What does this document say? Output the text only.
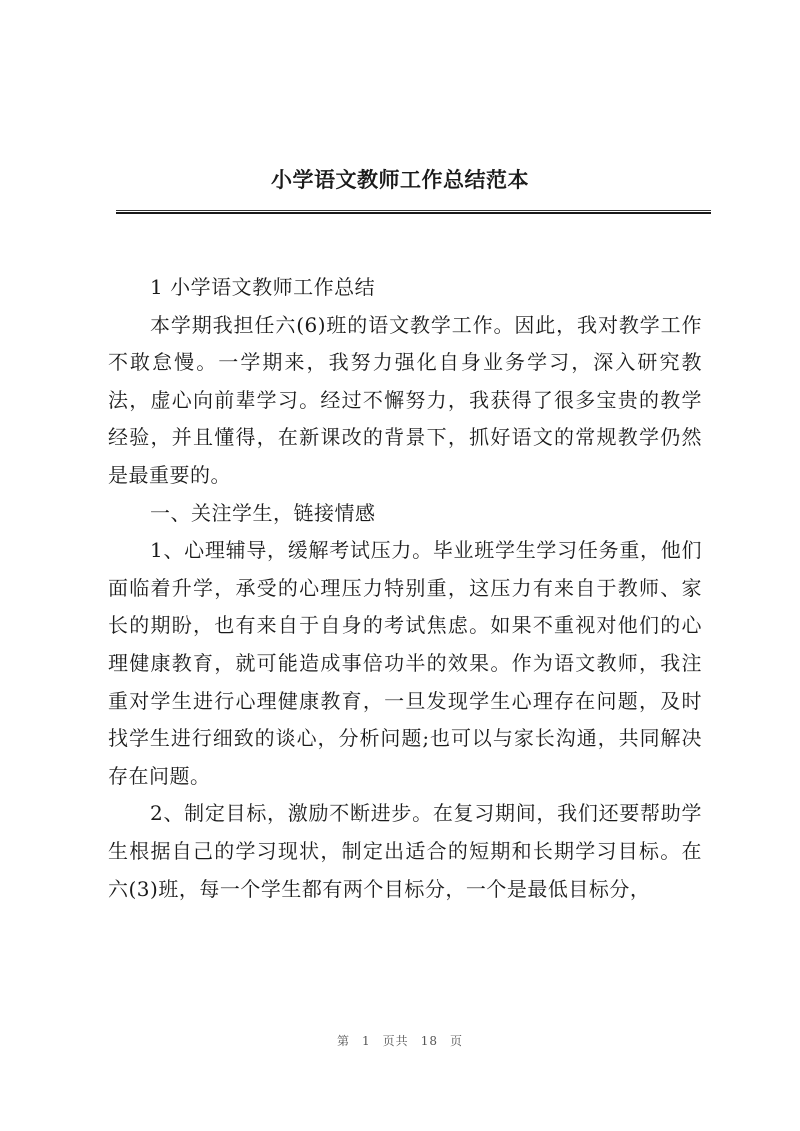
小学语文教师工作总结范本

1 小学语文教师工作总结

本学期我担任六(6)班的语文教学工作。因此，我对教学工作不敢怠慢。一学期来，我努力强化自身业务学习，深入研究教法，虚心向前辈学习。经过不懈努力，我获得了很多宝贵的教学经验，并且懂得，在新课改的背景下，抓好语文的常规教学仍然是最重要的。

一、关注学生，链接情感

1、心理辅导，缓解考试压力。毕业班学生学习任务重，他们面临着升学，承受的心理压力特别重，这压力有来自于教师、家长的期盼，也有来自于自身的考试焦虑。如果不重视对他们的心理健康教育，就可能造成事倍功半的效果。作为语文教师，我注重对学生进行心理健康教育，一旦发现学生心理存在问题，及时找学生进行细致的谈心，分析问题;也可以与家长沟通，共同解决存在问题。

2、制定目标，激励不断进步。在复习期间，我们还要帮助学生根据自己的学习现状，制定出适合的短期和长期学习目标。在六(3)班，每一个学生都有两个目标分，一个是最低目标分，

第 1 页共 18 页
